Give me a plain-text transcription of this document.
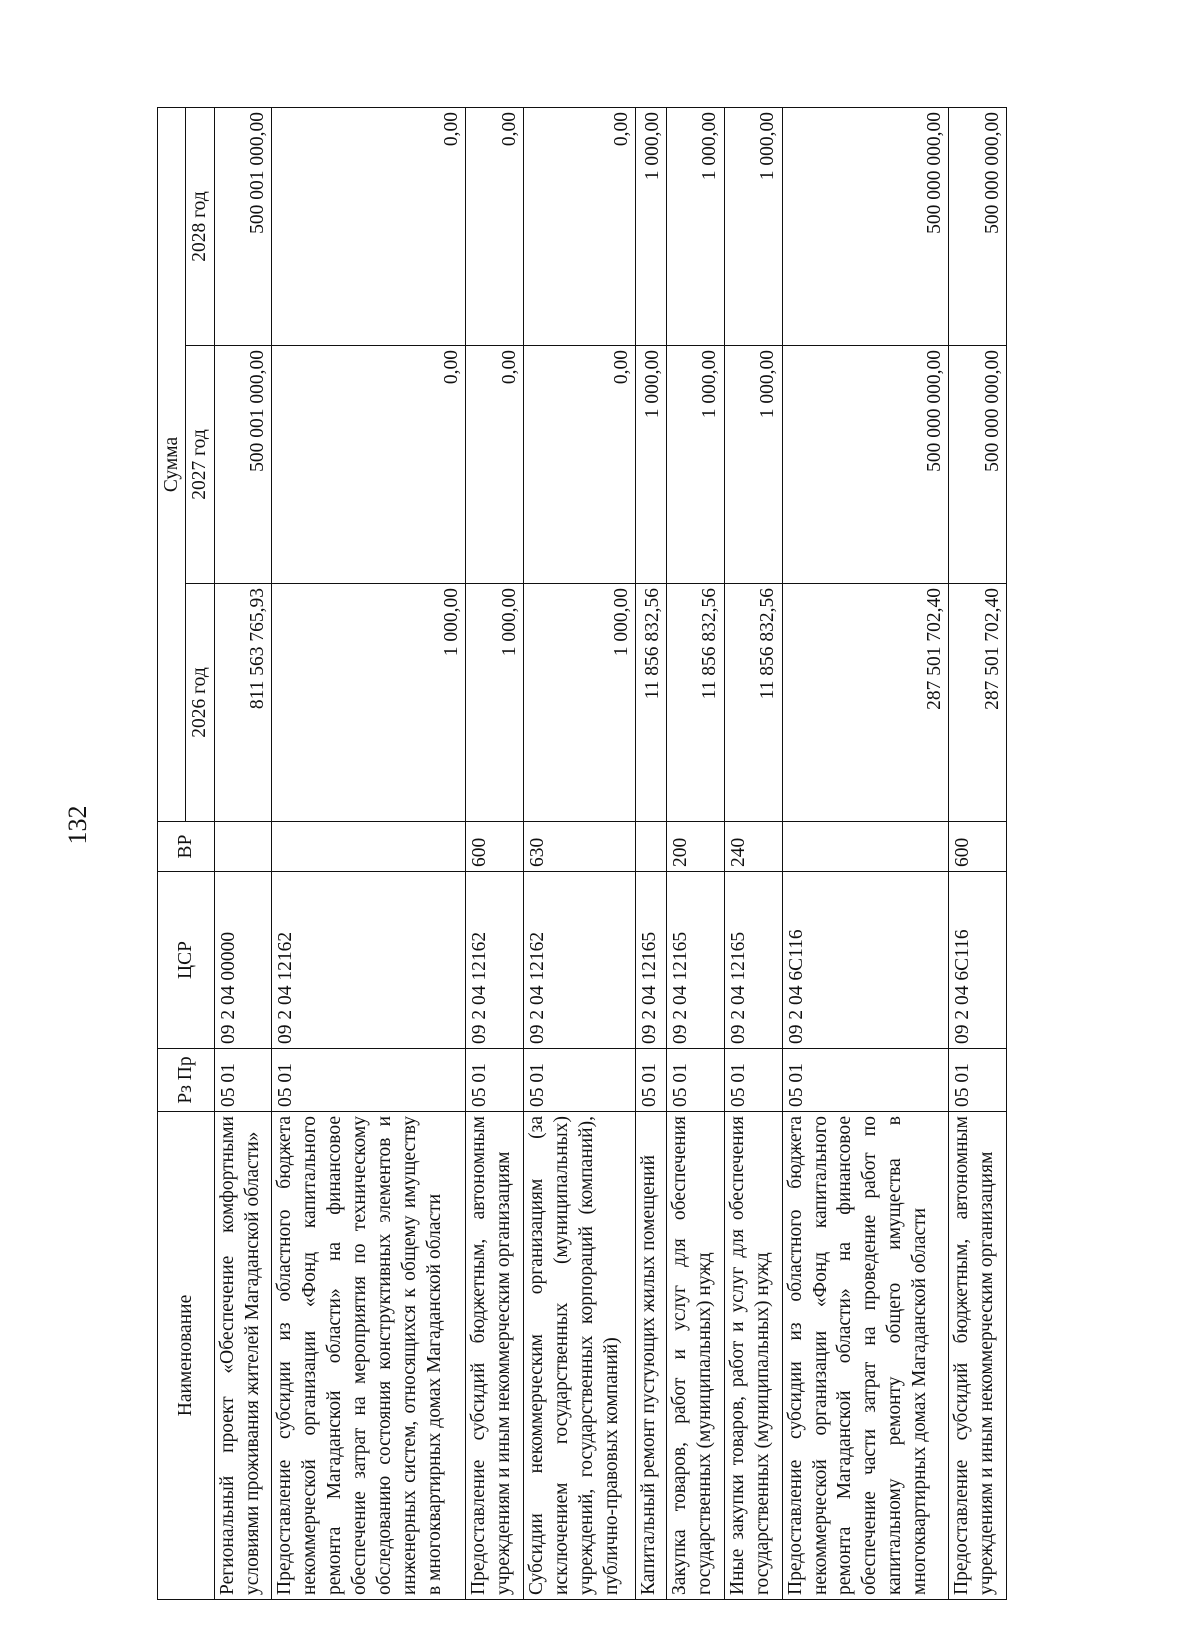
132
Наименование	Рз Пр	ЦСР	ВР	Сумма		
				2026 год	2027 год	2028 год
Региональный проект «Обеспечение комфортными условиями проживания жителей Магаданской области»	05 01	09 2 04 00000		811 563 765,93	500 001 000,00	500 001 000,00
Предоставление субсидии из областного бюджета некоммерческой организации «Фонд капитального ремонта Магаданской области» на финансовое обеспечение затрат на мероприятия по техническому обследованию состояния конструктивных элементов и инженерных систем, относящихся к общему имуществу в многоквартирных домах Магаданской области	05 01	09 2 04 12162		1 000,00	0,00	0,00
Предоставление субсидий бюджетным, автономным учреждениям и иным некоммерческим организациям	05 01	09 2 04 12162	600	1 000,00	0,00	0,00
Субсидии некоммерческим организациям (за исключением государственных (муниципальных) учреждений, государственных корпораций (компаний), публично-правовых компаний)	05 01	09 2 04 12162	630	1 000,00	0,00	0,00
Капитальный ремонт пустующих жилых помещений	05 01	09 2 04 12165		11 856 832,56	1 000,00	1 000,00
Закупка товаров, работ и услуг для обеспечения государственных (муниципальных) нужд	05 01	09 2 04 12165	200	11 856 832,56	1 000,00	1 000,00
Иные закупки товаров, работ и услуг для обеспечения государственных (муниципальных) нужд	05 01	09 2 04 12165	240	11 856 832,56	1 000,00	1 000,00
Предоставление субсидии из областного бюджета некоммерческой организации «Фонд капитального ремонта Магаданской области» на финансовое обеспечение части затрат на проведение работ по капитальному ремонту общего имущества в многоквартирных домах Магаданской области	05 01	09 2 04 6С116		287 501 702,40	500 000 000,00	500 000 000,00
Предоставление субсидий бюджетным, автономным учреждениям и иным некоммерческим организациям	05 01	09 2 04 6С116	600	287 501 702,40	500 000 000,00	500 000 000,00
